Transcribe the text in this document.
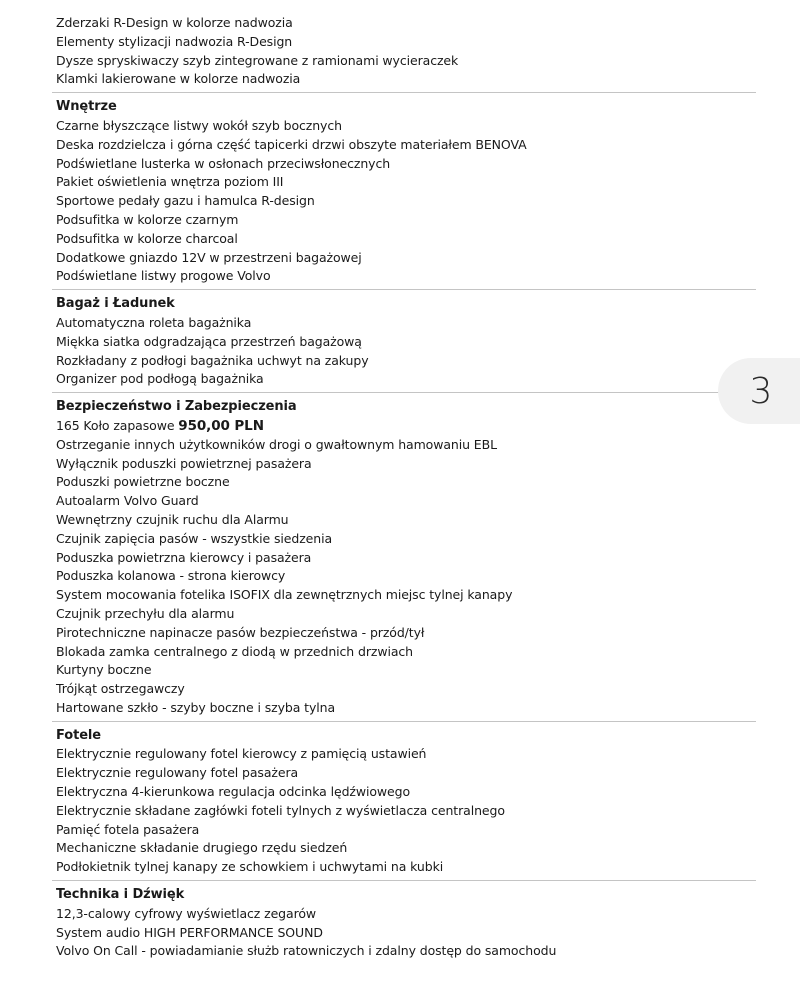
Zderzaki R-Design w kolorze nadwozia
Elementy stylizacji nadwozia R-Design
Dysze spryskiwaczy szyb zintegrowane z ramionami wycieraczek
Klamki lakierowane w kolorze nadwozia
Wnętrze
Czarne błyszczące listwy wokół szyb bocznych
Deska rozdzielcza i górna część tapicerki drzwi obszyte materiałem BENOVA
Podświetlane lusterka w osłonach przeciwsłonecznych
Pakiet oświetlenia wnętrza poziom III
Sportowe pedały gazu i hamulca R-design
Podsufitka w kolorze czarnym
Podsufitka w kolorze charcoal
Dodatkowe gniazdo 12V w przestrzeni bagażowej
Podświetlane listwy progowe Volvo
Bagaż i Ładunek
Automatyczna roleta bagażnika
Miękka siatka odgradzająca przestrzeń bagażową
Rozkładany z podłogi bagażnika uchwyt na zakupy
Organizer pod podłogą bagażnika
Bezpieczeństwo i Zabezpieczenia
165 Koło zapasowe 950,00 PLN
Ostrzeganie innych użytkowników drogi o gwałtownym hamowaniu EBL
Wyłącznik poduszki powietrznej pasażera
Poduszki powietrzne boczne
Autoalarm Volvo Guard
Wewnętrzny czujnik ruchu dla Alarmu
Czujnik zapięcia pasów - wszystkie siedzenia
Poduszka powietrzna kierowcy i pasażera
Poduszka kolanowa - strona kierowcy
System mocowania fotelika ISOFIX dla zewnętrznych miejsc tylnej kanapy
Czujnik przechyłu dla alarmu
Pirotechniczne napinacze pasów bezpieczeństwa - przód/tył
Blokada zamka centralnego z diodą w przednich drzwiach
Kurtyny boczne
Trójkąt ostrzegawczy
Hartowane szkło - szyby boczne i szyba tylna
Fotele
Elektrycznie regulowany fotel kierowcy z pamięcią ustawień
Elektrycznie regulowany fotel pasażera
Elektryczna 4-kierunkowa regulacja odcinka lędźwiowego
Elektrycznie składane zagłówki foteli tylnych z wyświetlacza centralnego
Pamięć fotela pasażera
Mechaniczne składanie drugiego rzędu siedzeń
Podłokietnik tylnej kanapy ze schowkiem i uchwytami na kubki
Technika i Dźwięk
12,3-calowy cyfrowy wyświetlacz zegarów
System audio HIGH PERFORMANCE SOUND
Volvo On Call - powiadamianie służb ratowniczych i zdalny dostęp do samochodu
3
